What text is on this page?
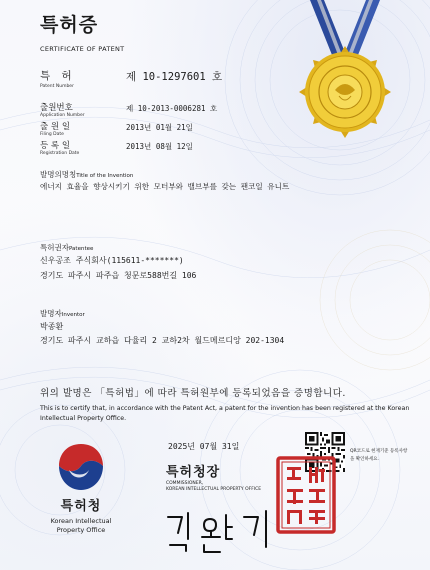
특허증
CERTIFICATE OF PATENT
특 허
Patent Number
제 10-1297601 호
출원번호
Application Number
제 10-2013-0006281 호
출 원 일
Filing Date
2013년 01월 21일
등 록 일
Registration Date
2013년 08월 12일
발명의명칭Title of the Invention
에너지 효율을 향상시키기 위한 모터부와 밸브부를 갖는 팬코일 유니트
특허권자Patentee
신우공조 주식회사(115611-*******)
경기도 파주시 파주읍 청문로588번길 106
발명자Inventor
박종환
경기도 파주시 교하읍 다율리 2 교하2차 월드메르디앙 202-1304
위의 발명은 「특허법」에 따라 특허원부에 등록되었음을 증명합니다.
This is to certify that, in accordance with the Patent Act, a patent for the invention has been registered at the Korean Intellectual Property Office.
2025년 07월 31일
QR코드로 현재기준 등록사항을 확인하세요.
특허청장
COMMISSIONER,
KOREAN INTELLECTUAL PROPERTY OFFICE
특허청
Korean Intellectual
Property Office
